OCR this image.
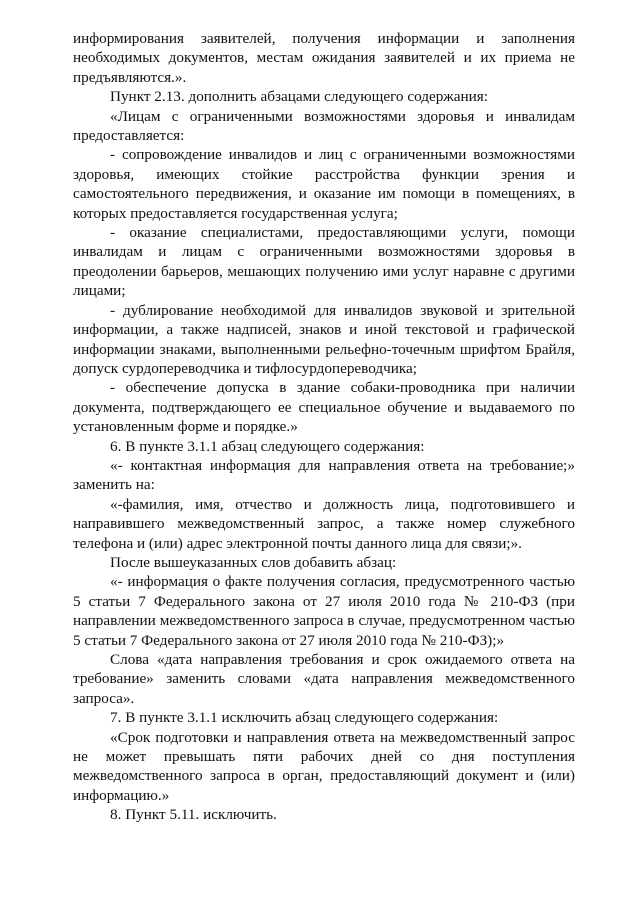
информирования заявителей, получения информации и заполнения необходимых документов, местам ожидания заявителей и их приема не предъявляются.».

Пункт 2.13. дополнить абзацами следующего содержания:

«Лицам с ограниченными возможностями здоровья и инвалидам предоставляется:

- сопровождение инвалидов и лиц с ограниченными возможностями здоровья, имеющих стойкие расстройства функции зрения и самостоятельного передвижения, и оказание им помощи в помещениях, в которых предоставляется государственная услуга;

- оказание специалистами, предоставляющими услуги, помощи инвалидам и лицам с ограниченными возможностями здоровья в преодолении барьеров, мешающих получению ими услуг наравне с другими лицами;

- дублирование необходимой для инвалидов звуковой и зрительной информации, а также надписей, знаков и иной текстовой и графической информации знаками, выполненными рельефно-точечным шрифтом Брайля, допуск сурдопереводчика и тифлосурдопереводчика;

- обеспечение допуска в здание собаки-проводника при наличии документа, подтверждающего ее специальное обучение и выдаваемого по установленным форме и порядке.»

6. В пункте 3.1.1 абзац следующего содержания:

«- контактная информация для направления ответа на требование;» заменить на:

«-фамилия, имя, отчество и должность лица, подготовившего и направившего межведомственный запрос, а также номер служебного телефона и (или) адрес электронной почты данного лица для связи;».

После вышеуказанных слов добавить абзац:

«- информация о факте получения согласия, предусмотренного частью 5 статьи 7 Федерального закона от 27 июля 2010 года № 210-ФЗ (при направлении межведомственного запроса в случае, предусмотренном частью 5 статьи 7 Федерального закона от 27 июля 2010 года № 210-ФЗ);»

Слова «дата направления требования и срок ожидаемого ответа на требование» заменить словами «дата направления межведомственного запроса».

7. В пункте 3.1.1 исключить абзац следующего содержания:

«Срок подготовки и направления ответа на межведомственный запрос не может превышать пяти рабочих дней со дня поступления межведомственного запроса в орган, предоставляющий документ и (или) информацию.»

8. Пункт 5.11. исключить.
